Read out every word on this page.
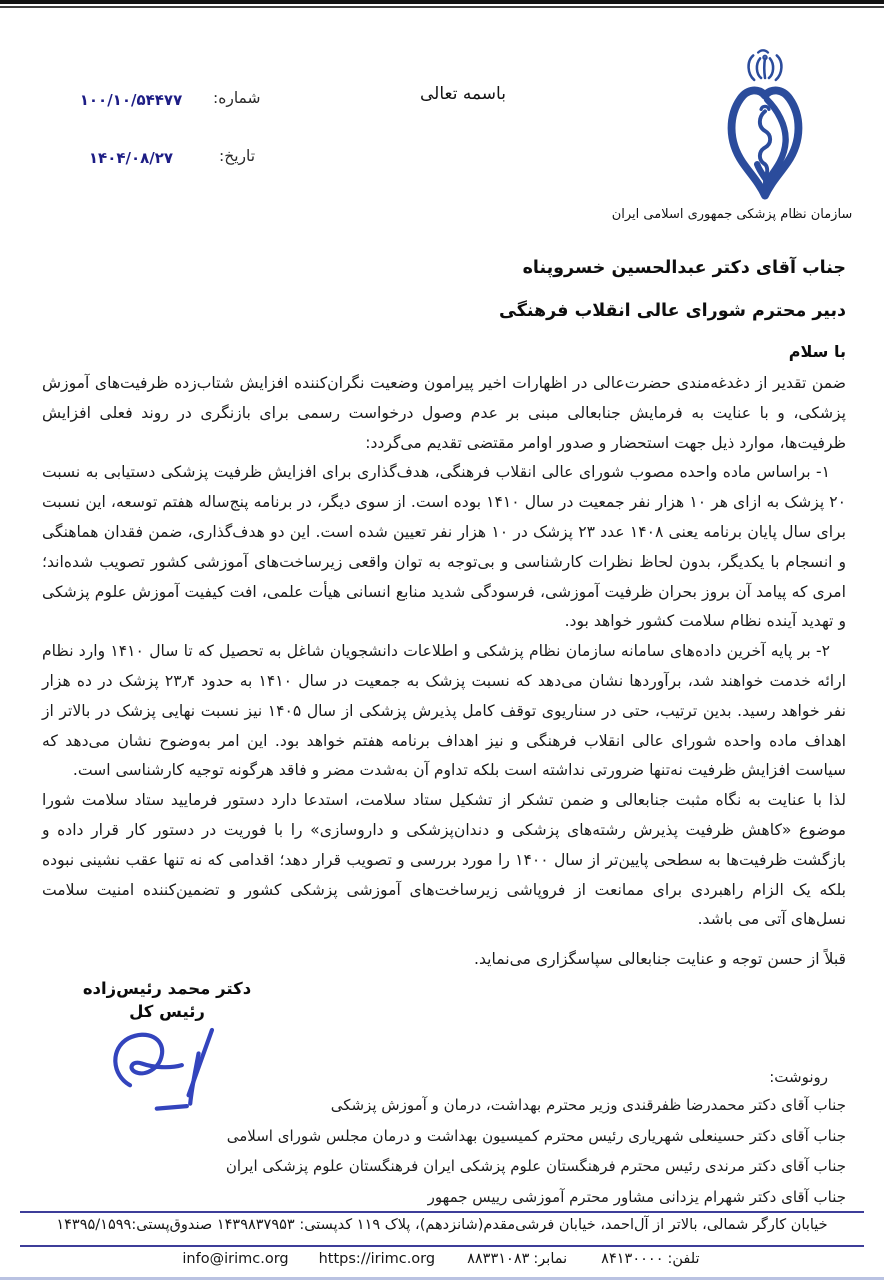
باسمه تعالی
شماره:
۱۰۰/۱۰/۵۴۴۷۷
تاریخ:
۱۴۰۴/۰۸/۲۷
سازمان نظام پزشکی جمهوری اسلامی ایران
جناب آقای دکتر عبدالحسین خسروپناه
دبیر محترم شورای عالی انقلاب فرهنگی
با سلام

ضمن تقدیر از دغدغه‌مندی حضرت‌عالی در اظهارات اخیر پیرامون وضعیت نگران‌کننده افزایش شتاب‌زده ظرفیت‌های آموزش پزشکی، و با عنایت به فرمایش جنابعالی مبنی بر عدم وصول درخواست رسمی برای بازنگری در روند فعلی افزایش ظرفیت‌ها، موارد ذیل جهت استحضار و صدور اوامر مقتضی تقدیم می‌گردد:

۱- براساس ماده واحده مصوب شورای عالی انقلاب فرهنگی، هدف‌گذاری برای افزایش ظرفیت پزشکی دستیابی به نسبت ۲۰ پزشک به ازای هر ۱۰ هزار نفر جمعیت در سال ۱۴۱۰ بوده است. از سوی دیگر، در برنامه پنج‌ساله هفتم توسعه، این نسبت برای سال پایان برنامه یعنی ۱۴۰۸ عدد ۲۳ پزشک در ۱۰ هزار نفر تعیین شده است. این دو هدف‌گذاری، ضمن فقدان هماهنگی و انسجام با یکدیگر، بدون لحاظ نظرات کارشناسی و بی‌توجه به توان واقعی زیرساخت‌های آموزشی کشور تصویب شده‌اند؛ امری که پیامد آن بروز بحران ظرفیت آموزشی، فرسودگی شدید منابع انسانی هیأت علمی، افت کیفیت آموزش علوم پزشکی و تهدید آینده نظام سلامت کشور خواهد بود.

۲- بر پایه آخرین داده‌های سامانه سازمان نظام پزشکی و اطلاعات دانشجویان شاغل به تحصیل که تا سال ۱۴۱۰ وارد نظام ارائه خدمت خواهند شد، برآوردها نشان می‌دهد که نسبت پزشک به جمعیت در سال ۱۴۱۰ به حدود ۲۳٫۴ پزشک در ده هزار نفر خواهد رسید. بدین ترتیب، حتی در سناریوی توقف کامل پذیرش پزشکی از سال ۱۴۰۵ نیز نسبت نهایی پزشک در بالاتر از اهداف ماده واحده شورای عالی انقلاب فرهنگی و نیز اهداف برنامه هفتم خواهد بود. این امر به‌وضوح نشان می‌دهد که سیاست افزایش ظرفیت نه‌تنها ضرورتی نداشته است بلکه تداوم آن به‌شدت مضر و فاقد هرگونه توجیه کارشناسی است.

لذا با عنایت به نگاه مثبت جنابعالی و ضمن تشکر از تشکیل ستاد سلامت، استدعا دارد دستور فرمایید ستاد سلامت شورا موضوع «کاهش ظرفیت پذیرش رشته‌های پزشکی و دندان‌پزشکی و داروسازی» را با فوریت در دستور کار قرار داده و بازگشت ظرفیت‌ها به سطحی پایین‌تر از سال ۱۴۰۰ را مورد بررسی و تصویب قرار دهد؛ اقدامی که نه تنها عقب نشینی نبوده بلکه یک الزام راهبردی برای ممانعت از فروپاشی زیرساخت‌های آموزشی پزشکی کشور و تضمین‌کننده امنیت سلامت نسل‌های آتی می باشد.

قبلاً از حسن توجه و عنایت جنابعالی سپاسگزاری می‌نماید.

دکتر محمد رئیس‌زاده
رئیس کل
رونوشت:
جناب آقای دکتر محمدرضا ظفرقندی وزیر محترم بهداشت، درمان و آموزش پزشکی
جناب آقای دکتر حسینعلی شهریاری رئیس محترم کمیسیون بهداشت و درمان مجلس شورای اسلامی
جناب آقای دکتر مرندی رئیس محترم فرهنگستان علوم پزشکی ایران فرهنگستان علوم پزشکی ایران
جناب آقای دکتر شهرام یزدانی مشاور محترم آموزشی رییس جمهور
خیابان کارگر شمالی، بالاتر از آل‌احمد، خیابان فرشی‌مقدم(شانزدهم)، پلاک ۱۱۹ کدپستی: ۱۴۳۹۸۳۷۹۵۳ صندوق‌پستی:۱۴۳۹۵/۱۵۹۹
تلفن:۸۴۱۳۰۰۰۰
نمابر:۸۸۳۳۱۰۸۳
https://irimc.org
info@irimc.org
